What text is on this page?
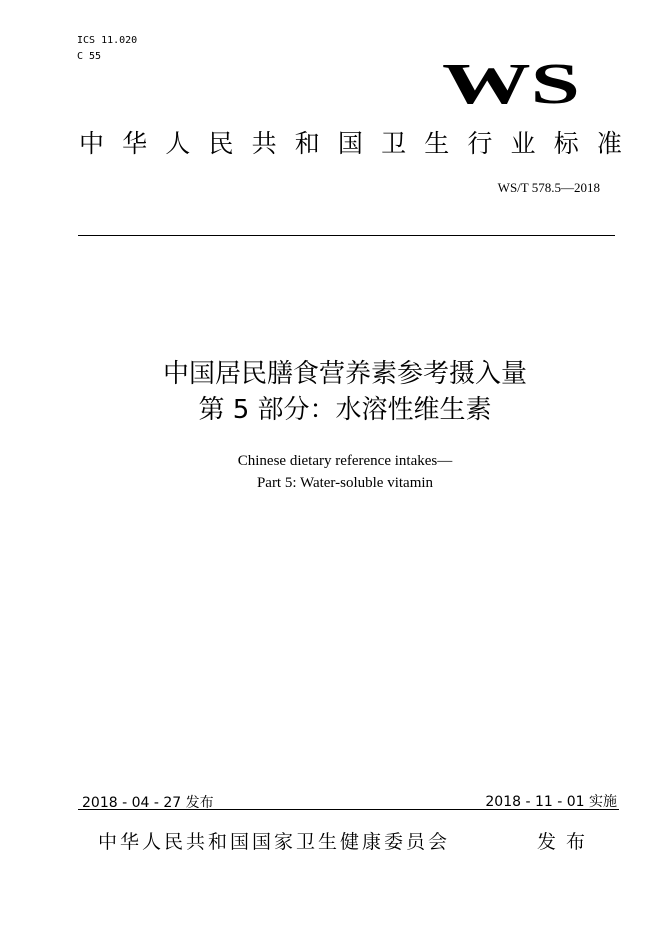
ICS 11.020
C 55	WS
中 华 人 民 共 和 国 卫 生 行 业 标 准
WS/T 578.5—2018
中国居民膳食营养素参考摄入量
第 5 部分：水溶性维生素
Chinese dietary reference intakes—
Part 5: Water-soluble vitamin
2018 - 04 - 27 发布	2018 - 11 - 01 实施
中华人民共和国国家卫生健康委员会	发布
